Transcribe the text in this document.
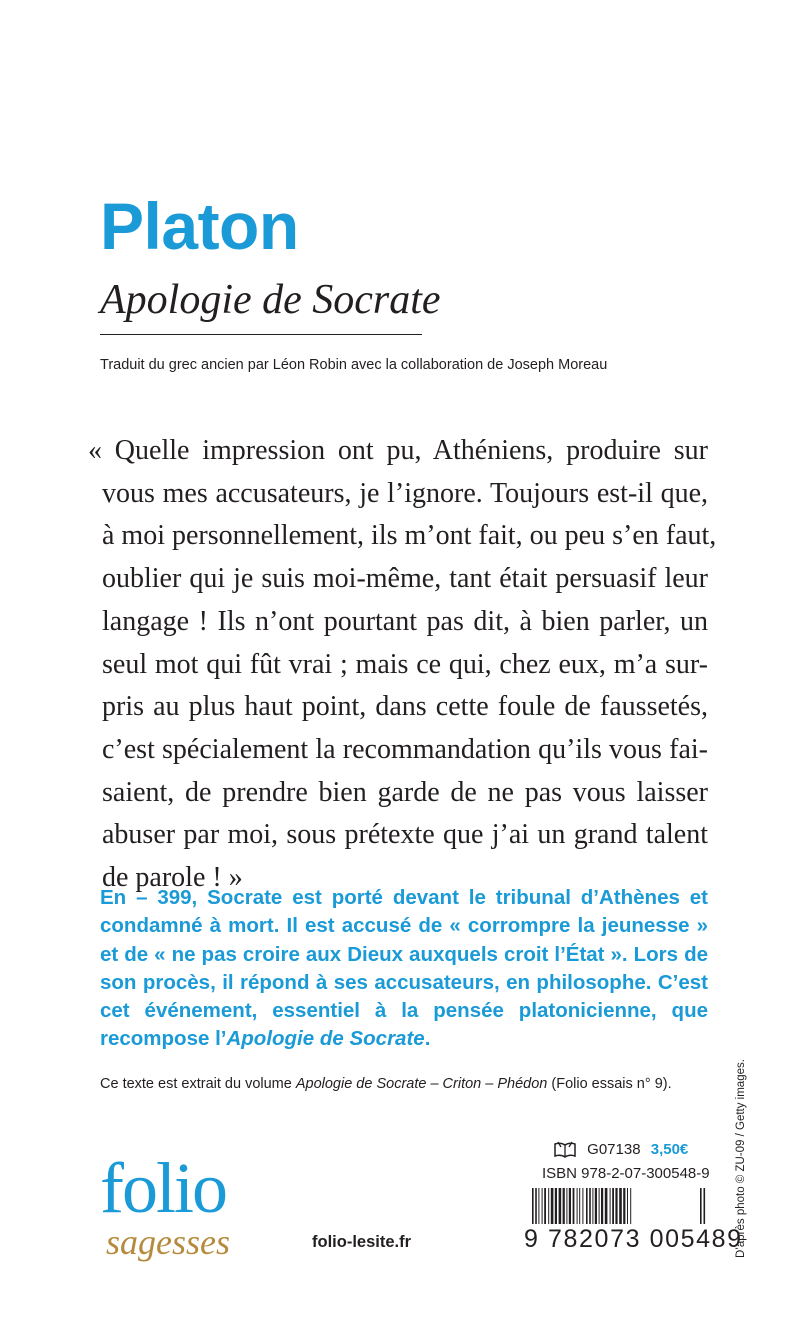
Platon
Apologie de Socrate
Traduit du grec ancien par Léon Robin avec la collaboration de Joseph Moreau
« Quelle impression ont pu, Athéniens, produire sur
vous mes accusateurs, je l’ignore. Toujours est-il que,
à moi personnellement, ils m’ont fait, ou peu s’en faut,
oublier qui je suis moi-même, tant était persuasif leur
langage ! Ils n’ont pourtant pas dit, à bien parler, un
seul mot qui fût vrai ; mais ce qui, chez eux, m’a sur-
pris au plus haut point, dans cette foule de faussetés,
c’est spécialement la recommandation qu’ils vous fai-
saient, de prendre bien garde de ne pas vous laisser
abuser par moi, sous prétexte que j’ai un grand talent
de parole ! »
En – 399, Socrate est porté devant le tribunal d’Athènes et
condamné à mort. Il est accusé de « corrompre la jeunesse »
et de « ne pas croire aux Dieux auxquels croit l’État ». Lors de
son procès, il répond à ses accusateurs, en philosophe. C’est
cet événement, essentiel à la pensée platonicienne, que
recompose l’Apologie de Socrate.
Ce texte est extrait du volume Apologie de Socrate – Criton – Phédon (Folio essais n° 9).	D’après photo © ZU-09 / Getty images.
G07138 3,50€
ISBN 978-2-07-300548-9
9 782073 005489
folio
sagesses	folio-lesite.fr
